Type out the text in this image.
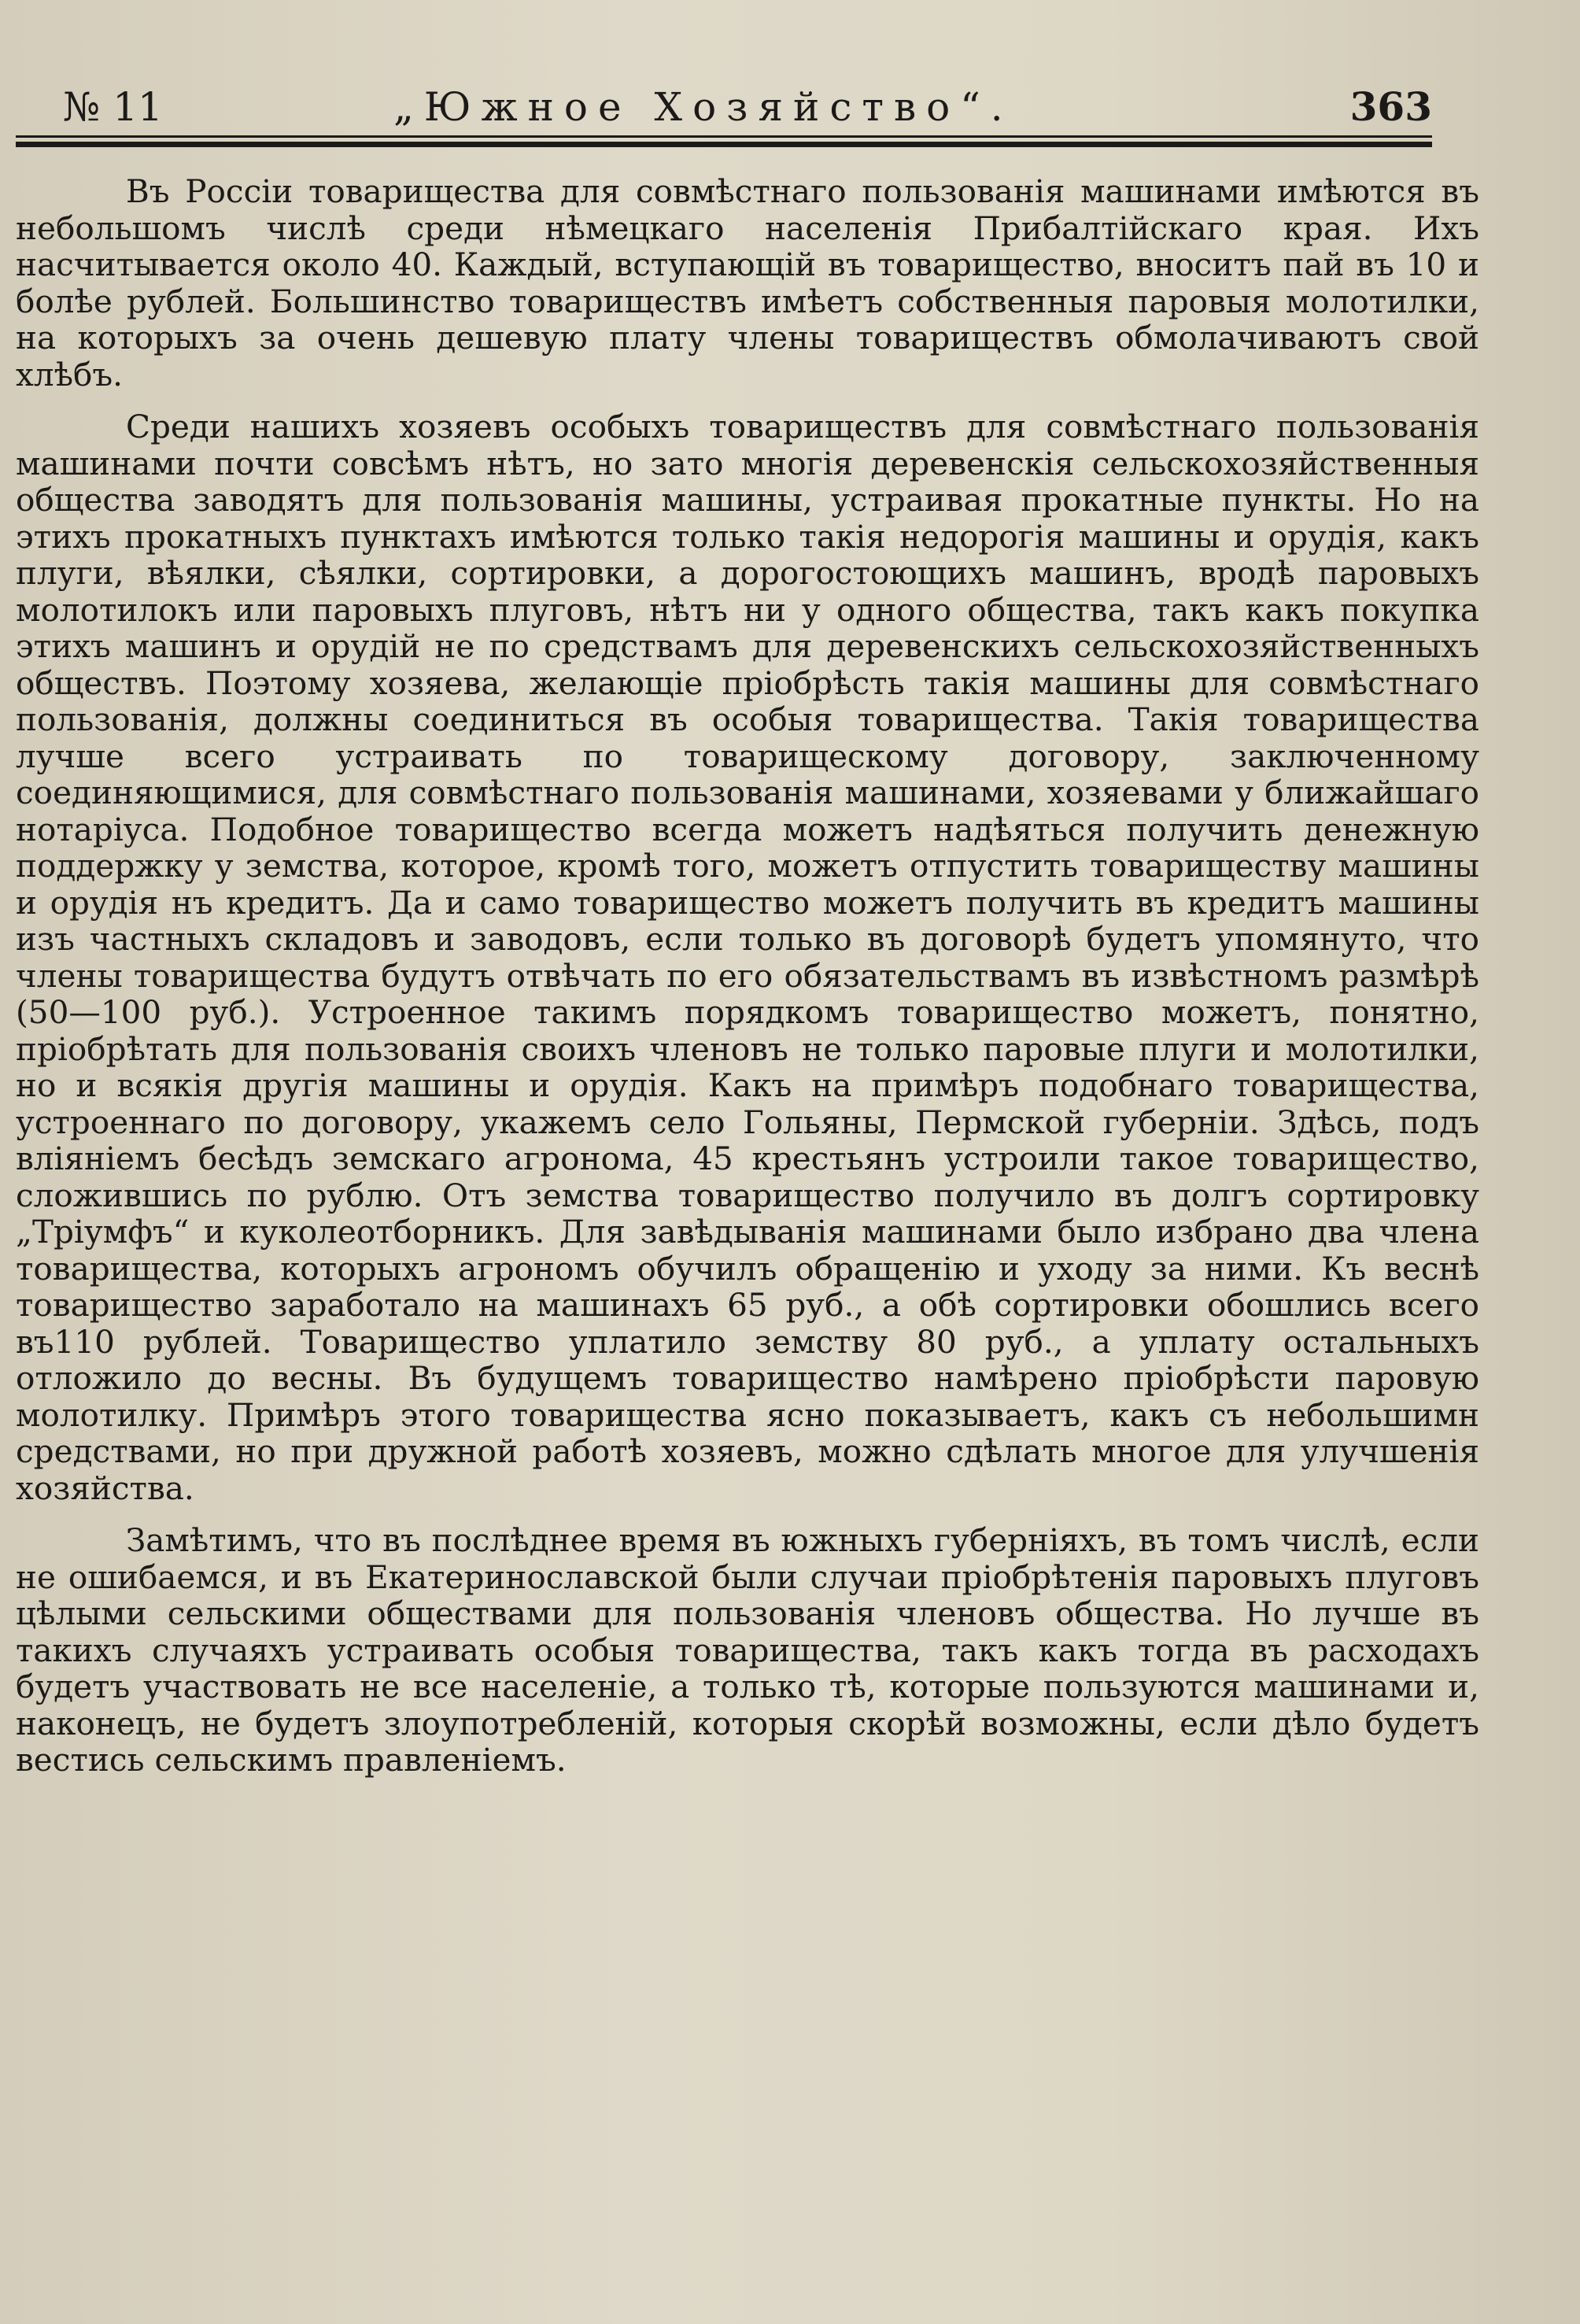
№ 11	„Южное Хозяйство“.	363

Въ Россіи товарищества для совмѣстнаго пользованія машинами имѣются въ небольшомъ числѣ среди нѣмецкаго населенія Прибалтійскаго края. Ихъ насчитывается около 40. Каждый, вступающій въ товарищество, вноситъ пай въ 10 и болѣе рублей. Большинство товариществъ имѣетъ собственныя паровыя молотилки, на которыхъ за очень дешевую плату члены товариществъ обмолачиваютъ свой хлѣбъ.

Среди нашихъ хозяевъ особыхъ товариществъ для совмѣстнаго пользованія машинами почти совсѣмъ нѣтъ, но зато многія деревенскія сельскохозяйственныя общества заводятъ для пользованія машины, устраивая прокатные пункты. Но на этихъ прокатныхъ пунктахъ имѣются только такія недорогія машины и орудія, какъ плуги, вѣялки, сѣялки, сортировки, а дорогостоющихъ машинъ, вродѣ паровыхъ молотилокъ или паровыхъ плуговъ, нѣтъ ни у одного общества, такъ какъ покупка этихъ машинъ и орудій не по средствамъ для деревенскихъ сельскохозяйственныхъ обществъ. Поэтому хозяева, желающіе пріобрѣсть такія машины для совмѣстнаго пользованія, должны соединиться въ особыя товарищества. Такія товарищества лучше всего устраивать по товарищескому договору, заключенному соединяющимися, для совмѣстнаго пользованія машинами, хозяевами у ближайшаго нотаріуса. Подобное товарищество всегда можетъ надѣяться получить денежную поддержку у земства, которое, кромѣ того, можетъ отпустить товариществу машины и орудія нъ кредитъ. Да и само товарищество можетъ получить въ кредитъ машины изъ частныхъ складовъ и заводовъ, если только въ договорѣ будетъ упомянуто, что члены товарищества будутъ отвѣчать по его обязательствамъ въ извѣстномъ размѣрѣ (50—100 руб.). Устроенное такимъ порядкомъ товарищество можетъ, понятно, пріобрѣтать для пользованія своихъ членовъ не только паровые плуги и молотилки, но и всякія другія машины и орудія. Какъ на примѣръ подобнаго товарищества, устроеннаго по договору, укажемъ село Гольяны, Пермской губерніи. Здѣсь, подъ вліяніемъ бесѣдъ земскаго агронома, 45 крестьянъ устроили такое товарищество, сложившись по рублю. Отъ земства товарищество получило въ долгъ сортировку „Тріумфъ“ и куколеотборникъ. Для завѣдыванія машинами было избрано два члена товарищества, которыхъ агрономъ обучилъ обращенію и уходу за ними. Къ веснѣ товарищество заработало на машинахъ 65 руб., а обѣ сортировки обошлись всего въ110 рублей. Товарищество уплатило земству 80 руб., а уплату остальныхъ отложило до весны. Въ будущемъ товарищество намѣрено пріобрѣсти паровую молотилку. Примѣръ этого товарищества ясно показываетъ, какъ съ небольшимн средствами, но при дружной работѣ хозяевъ, можно сдѣлать многое для улучшенія хозяйства.

Замѣтимъ, что въ послѣднее время въ южныхъ губерніяхъ, въ томъ числѣ, если не ошибаемся, и въ Екатеринославской были случаи пріобрѣтенія паровыхъ плуговъ цѣлыми сельскими обществами для пользованія членовъ общества. Но лучше въ такихъ случаяхъ устраивать особыя товарищества, такъ какъ тогда въ расходахъ будетъ участвовать не все населеніе, а только тѣ, которые пользуются машинами и, наконецъ, не будетъ злоупотребленій, которыя скорѣй возможны, если дѣло будетъ вестись сельскимъ правленіемъ.
